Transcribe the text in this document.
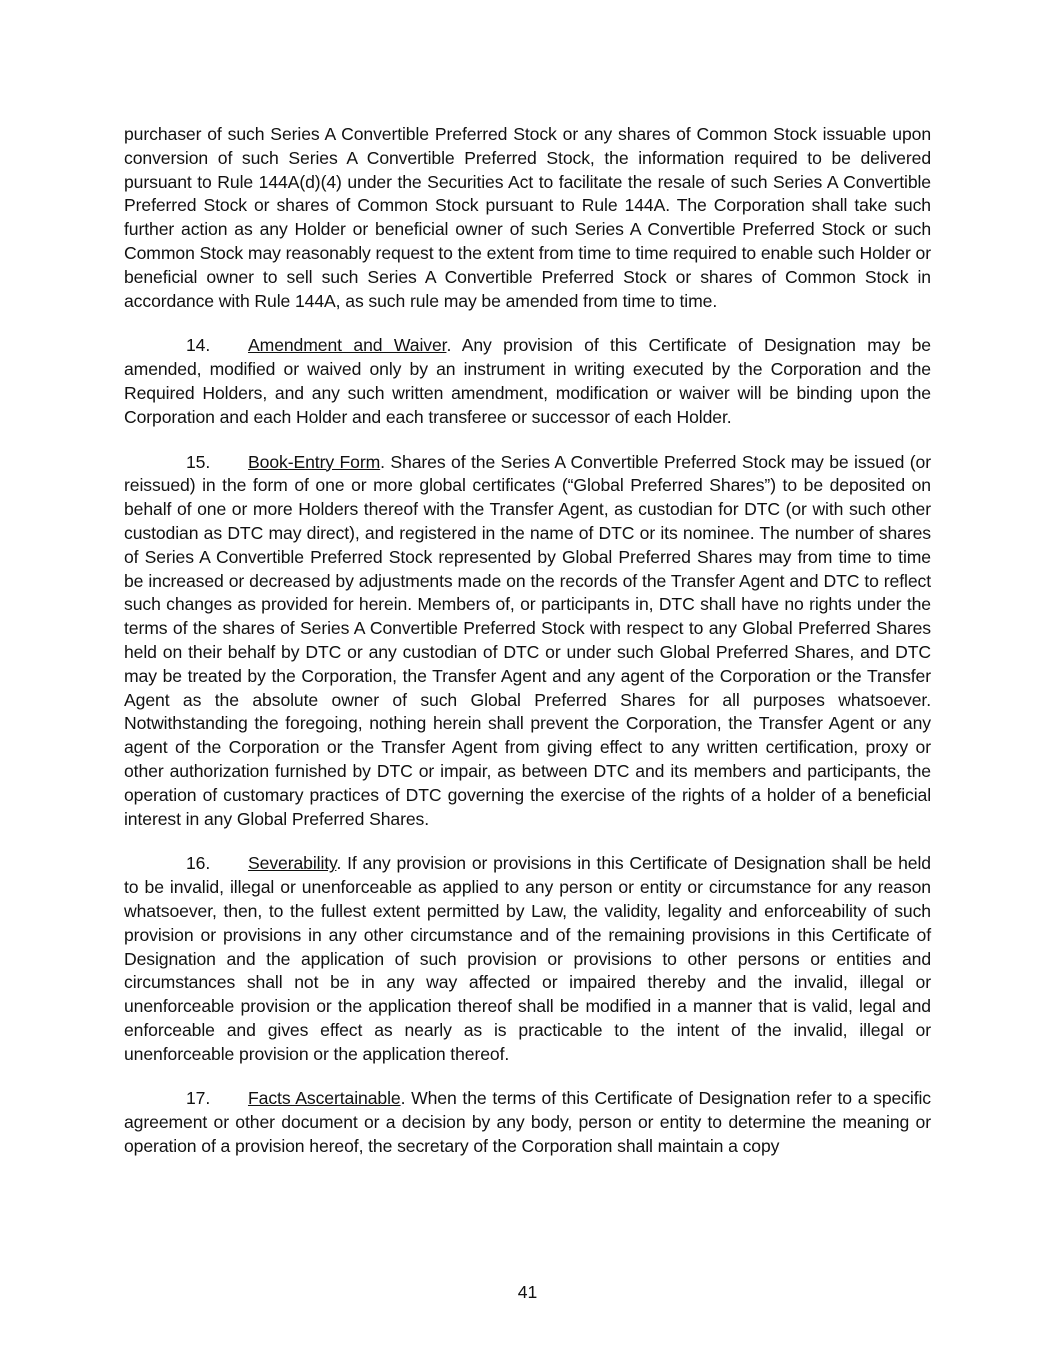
purchaser of such Series A Convertible Preferred Stock or any shares of Common Stock issuable upon conversion of such Series A Convertible Preferred Stock, the information required to be delivered pursuant to Rule 144A(d)(4) under the Securities Act to facilitate the resale of such Series A Convertible Preferred Stock or shares of Common Stock pursuant to Rule 144A. The Corporation shall take such further action as any Holder or beneficial owner of such Series A Convertible Preferred Stock or such Common Stock may reasonably request to the extent from time to time required to enable such Holder or beneficial owner to sell such Series A Convertible Preferred Stock or shares of Common Stock in accordance with Rule 144A, as such rule may be amended from time to time.

14. Amendment and Waiver. Any provision of this Certificate of Designation may be amended, modified or waived only by an instrument in writing executed by the Corporation and the Required Holders, and any such written amendment, modification or waiver will be binding upon the Corporation and each Holder and each transferee or successor of each Holder.

15. Book-Entry Form. Shares of the Series A Convertible Preferred Stock may be issued (or reissued) in the form of one or more global certificates (“Global Preferred Shares”) to be deposited on behalf of one or more Holders thereof with the Transfer Agent, as custodian for DTC (or with such other custodian as DTC may direct), and registered in the name of DTC or its nominee. The number of shares of Series A Convertible Preferred Stock represented by Global Preferred Shares may from time to time be increased or decreased by adjustments made on the records of the Transfer Agent and DTC to reflect such changes as provided for herein. Members of, or participants in, DTC shall have no rights under the terms of the shares of Series A Convertible Preferred Stock with respect to any Global Preferred Shares held on their behalf by DTC or any custodian of DTC or under such Global Preferred Shares, and DTC may be treated by the Corporation, the Transfer Agent and any agent of the Corporation or the Transfer Agent as the absolute owner of such Global Preferred Shares for all purposes whatsoever. Notwithstanding the foregoing, nothing herein shall prevent the Corporation, the Transfer Agent or any agent of the Corporation or the Transfer Agent from giving effect to any written certification, proxy or other authorization furnished by DTC or impair, as between DTC and its members and participants, the operation of customary practices of DTC governing the exercise of the rights of a holder of a beneficial interest in any Global Preferred Shares.

16. Severability. If any provision or provisions in this Certificate of Designation shall be held to be invalid, illegal or unenforceable as applied to any person or entity or circumstance for any reason whatsoever, then, to the fullest extent permitted by Law, the validity, legality and enforceability of such provision or provisions in any other circumstance and of the remaining provisions in this Certificate of Designation and the application of such provision or provisions to other persons or entities and circumstances shall not be in any way affected or impaired thereby and the invalid, illegal or unenforceable provision or the application thereof shall be modified in a manner that is valid, legal and enforceable and gives effect as nearly as is practicable to the intent of the invalid, illegal or unenforceable provision or the application thereof.

17. Facts Ascertainable. When the terms of this Certificate of Designation refer to a specific agreement or other document or a decision by any body, person or entity to determine the meaning or operation of a provision hereof, the secretary of the Corporation shall maintain a copy

41
